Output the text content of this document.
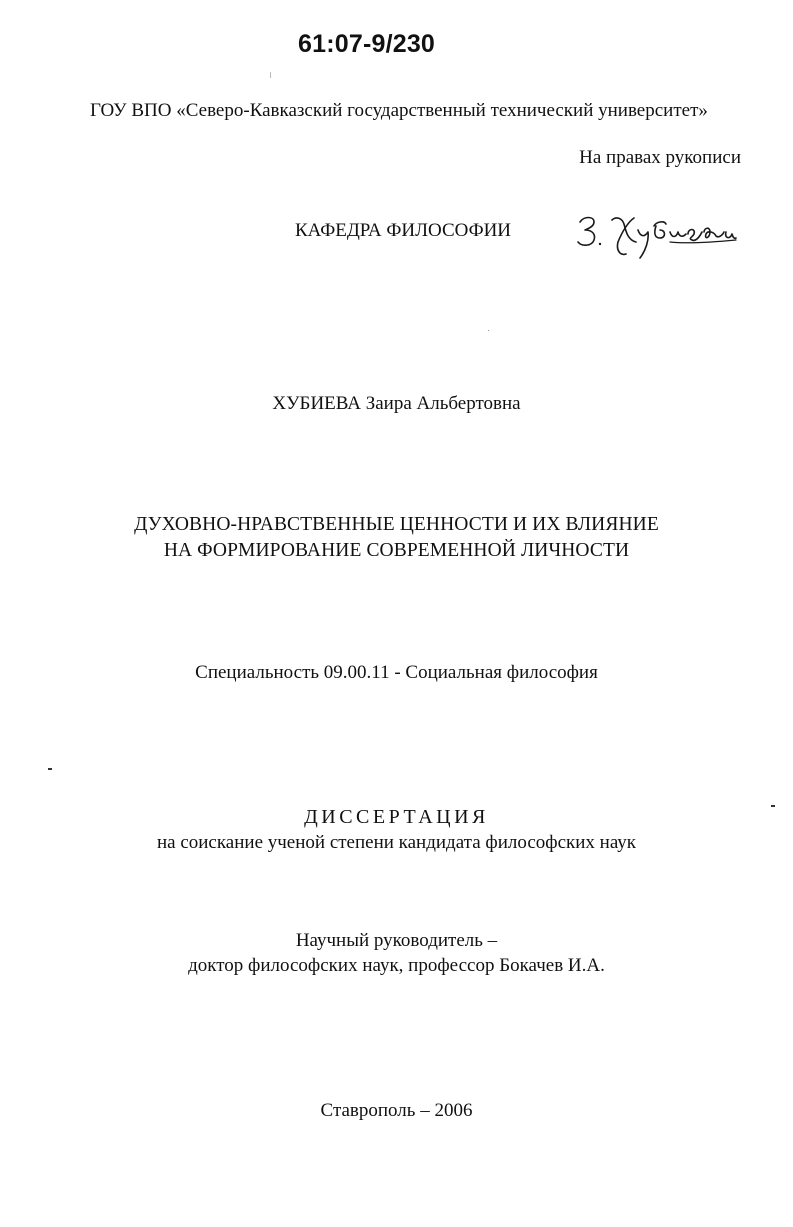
61:07-9/230
ГОУ ВПО «Северо-Кавказский государственный технический университет»
На правах рукописи
КАФЕДРА ФИЛОСОФИИ
ХУБИЕВА Заира Альбертовна
ДУХОВНО-НРАВСТВЕННЫЕ ЦЕННОСТИ И ИХ ВЛИЯНИЕ
НА ФОРМИРОВАНИЕ СОВРЕМЕННОЙ ЛИЧНОСТИ
Специальность 09.00.11 - Социальная философия
ДИССЕРТАЦИЯ
на соискание ученой степени кандидата философских наук
Научный руководитель –
доктор философских наук, профессор Бокачев И.А.
Ставрополь – 2006
